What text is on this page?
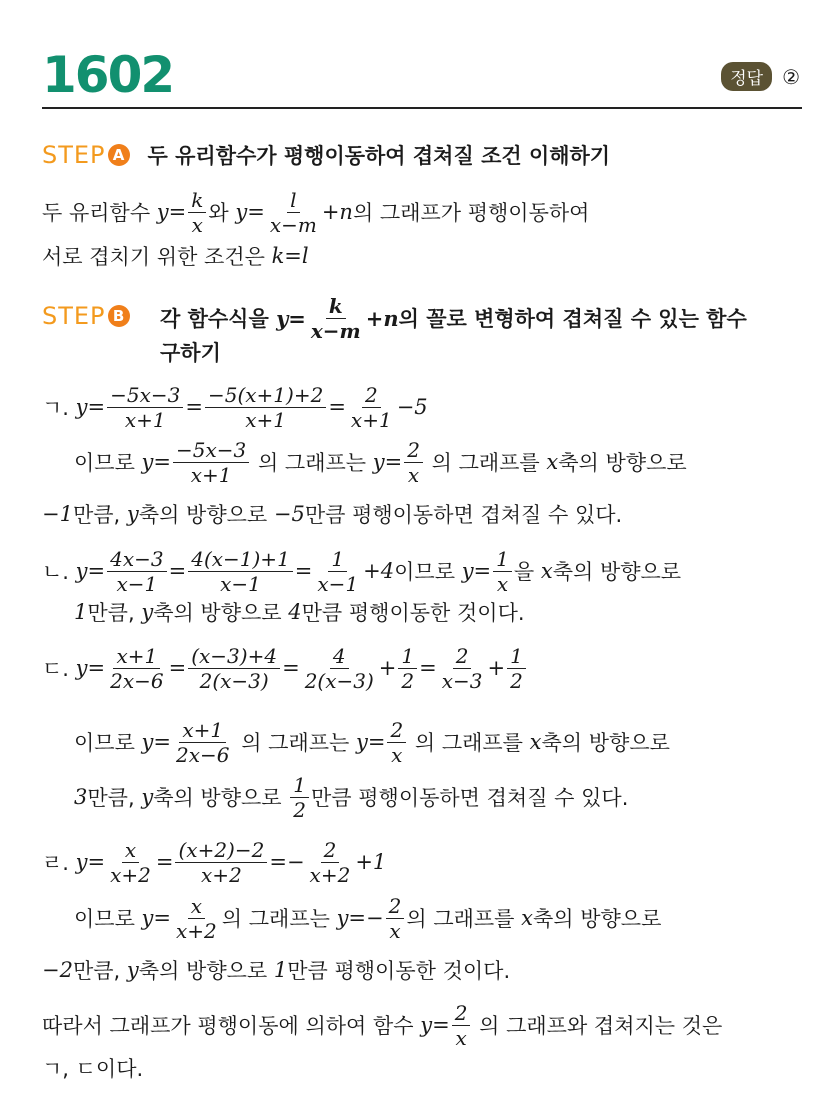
1602	정답 ②
STEP A 두 유리함수가 평행이동하여 겹쳐질 조건 이해하기
STEP B
두 유리함수 $y= \frac{k}{x}$ 와 $y= \frac{l}{x-m} +n$ 의 그래프가 평행이동하여
서로 겹치기 위한 조건은 k=l
각 함수식을 $y= \frac{k}{x-m} +n$ 의 꼴로 변형하여 겹쳐질 수 있는 함수
구하기
ㄱ. $y= \frac{-5x-3}{x+1} = \frac{-5(x+1)+2}{x+1} = \frac{2}{x+1} -5$
이므로 $y= \frac{-5x-3}{x+1}$ 의 그래프는 $y= \frac{2}{x}$ 의 그래프를 x 축의 방향으로
−1 만큼, y 축의 방향으로 −5 만큼 평행이동하면 겹쳐질 수 있다.
ㄴ. $y= \frac{4x-3}{x-1} = \frac{4(x-1)+1}{x-1} = \frac{1}{x-1} +4$ 이므로 $y= \frac{1}{x}$ 을 x 축의 방향으로
1 만큼, y 축의 방향으로 4 만큼 평행이동한 것이다.
ㄷ. $y= \frac{x+1}{2x-6} = \frac{(x-3)+4}{2(x-3)} = \frac{4}{2(x-3)} + \frac{1}{2} = \frac{2}{x-3} + \frac{1}{2}$
이므로 $y= \frac{x+1}{2x-6}$ 의 그래프는 $y= \frac{2}{x}$ 의 그래프를 x 축의 방향으로
3 만큼, y 축의 방향으로 $\frac{1}{2}$ 만큼 평행이동하면 겹쳐질 수 있다.
ㄹ. $y= \frac{x}{x+2} = \frac{(x+2)-2}{x+2} =- \frac{2}{x+2} +1$
이므로 $y= \frac{x}{x+2}$ 의 그래프는 $y=- \frac{2}{x}$ 의 그래프를 x 축의 방향으로
−2 만큼, y 축의 방향으로 1 만큼 평행이동한 것이다.
따라서 그래프가 평행이동에 의하여 함수 $y= \frac{2}{x}$ 의 그래프와 겹쳐지는 것은
ㄱ, ㄷ이다.
